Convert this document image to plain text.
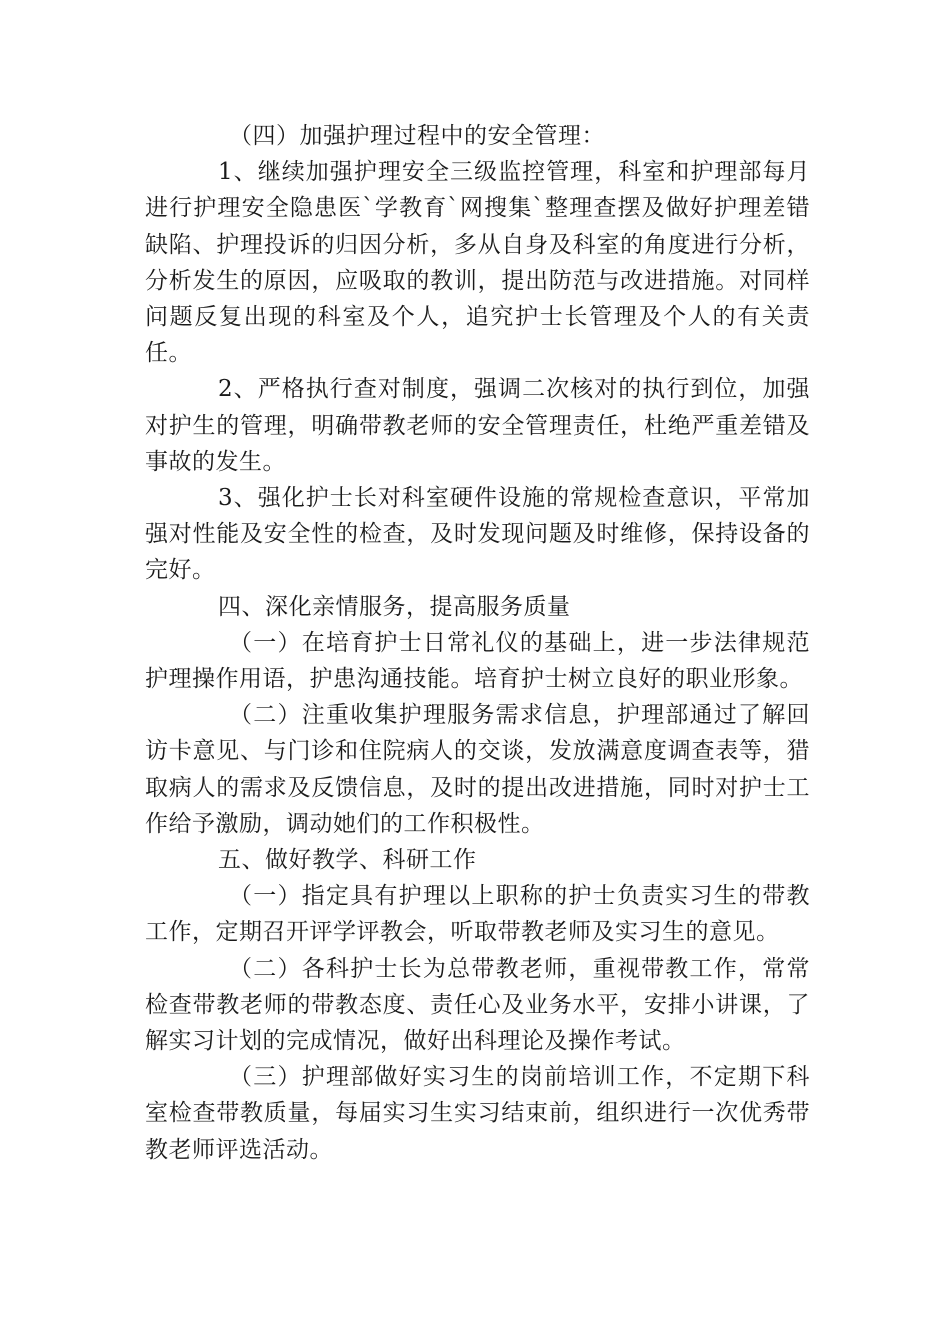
（四）加强护理过程中的安全管理：

1、继续加强护理安全三级监控管理，科室和护理部每月进行护理安全隐患医`学教育`网搜集`整理查摆及做好护理差错缺陷、护理投诉的归因分析，多从自身及科室的角度进行分析，分析发生的原因，应吸取的教训，提出防范与改进措施。对同样问题反复出现的科室及个人，追究护士长管理及个人的有关责任。

2、严格执行查对制度，强调二次核对的执行到位，加强对护生的管理，明确带教老师的安全管理责任，杜绝严重差错及事故的发生。

3、强化护士长对科室硬件设施的常规检查意识，平常加强对性能及安全性的检查，及时发现问题及时维修，保持设备的完好。

四、深化亲情服务，提高服务质量

（一）在培育护士日常礼仪的基础上，进一步法律规范护理操作用语，护患沟通技能。培育护士树立良好的职业形象。

（二）注重收集护理服务需求信息，护理部通过了解回访卡意见、与门诊和住院病人的交谈，发放满意度调查表等，猎取病人的需求及反馈信息，及时的提出改进措施，同时对护士工作给予激励，调动她们的工作积极性。

五、做好教学、科研工作

（一）指定具有护理以上职称的护士负责实习生的带教工作，定期召开评学评教会，听取带教老师及实习生的意见。

（二）各科护士长为总带教老师，重视带教工作，常常检查带教老师的带教态度、责任心及业务水平，安排小讲课，了解实习计划的完成情况，做好出科理论及操作考试。

（三）护理部做好实习生的岗前培训工作，不定期下科室检查带教质量，每届实习生实习结束前，组织进行一次优秀带教老师评选活动。
